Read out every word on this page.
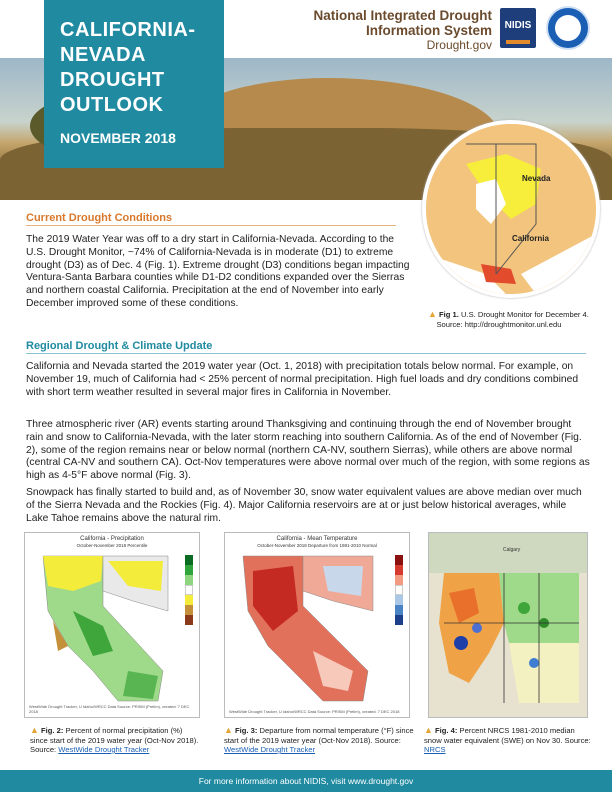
National Integrated Drought
Information System
Drought.gov
NIDIS
CALIFORNIA-
NEVADA
DROUGHT
OUTLOOK
NOVEMBER 2018
Nevada
California
Current Drought Conditions
The 2019 Water Year was off to a dry start in California-Nevada. According to the U.S. Drought Monitor, ~74% of California-Nevada is in moderate (D1) to extreme drought (D3) as of Dec. 4 (Fig. 1). Extreme drought (D3) conditions began impacting Ventura-Santa Barbara counties while D1-D2 conditions expanded over the Sierras and northern coastal California. Precipitation at the end of November into early December improved some of these conditions.
▲ Fig 1. U.S. Drought Monitor for December 4.
Source: http://droughtmonitor.unl.edu
Regional Drought & Climate Update
California and Nevada started the 2019 water year (Oct. 1, 2018) with precipitation totals below normal. For example, on November 19, much of California had < 25% percent of normal precipitation. High fuel loads and dry conditions combined with short term weather resulted in several major fires in California in November.
Three atmospheric river (AR) events starting around Thanksgiving and continuing through the end of November brought rain and snow to California-Nevada, with the later storm reaching into southern California. As of the end of November (Fig. 2), some of the region remains near or below normal (northern CA-NV, southern Sierras), while others are above normal (central CA-NV and southern CA). Oct-Nov temperatures were above normal over much of the region, with some regions as high as 4-5°F above normal (Fig. 3).
Snowpack has finally started to build and, as of November 30, snow water equivalent values are above median over much of the Sierra Nevada and the Rockies (Fig. 4). Major California reservoirs are at or just below historical averages, while Lake Tahoe remains above the natural rim.
California - Precipitation
October-November 2018 Percentile
WestWide Drought Tracker, U Idaho/WRCC Data Source: PRISM (Prelim), created: 7 DEC 2018
▲ Fig. 2: Percent of normal precipitation (%) since start of the 2019 water year (Oct-Nov 2018). Source: WestWide Drought Tracker
California - Mean Temperature
October-November 2018 Departure from 1981-2010 Normal
WestWide Drought Tracker, U Idaho/WRCC Data Source: PRISM (Prelim), created: 7 DEC 2018
▲ Fig. 3: Departure from normal temperature (°F) since start of the 2019 water year (Oct-Nov 2018). Source: WestWide Drought Tracker
Calgary
▲ Fig. 4: Percent NRCS 1981-2010 median snow water equivalent (SWE) on Nov 30. Source: NRCS
For more information about NIDIS, visit www.drought.gov
